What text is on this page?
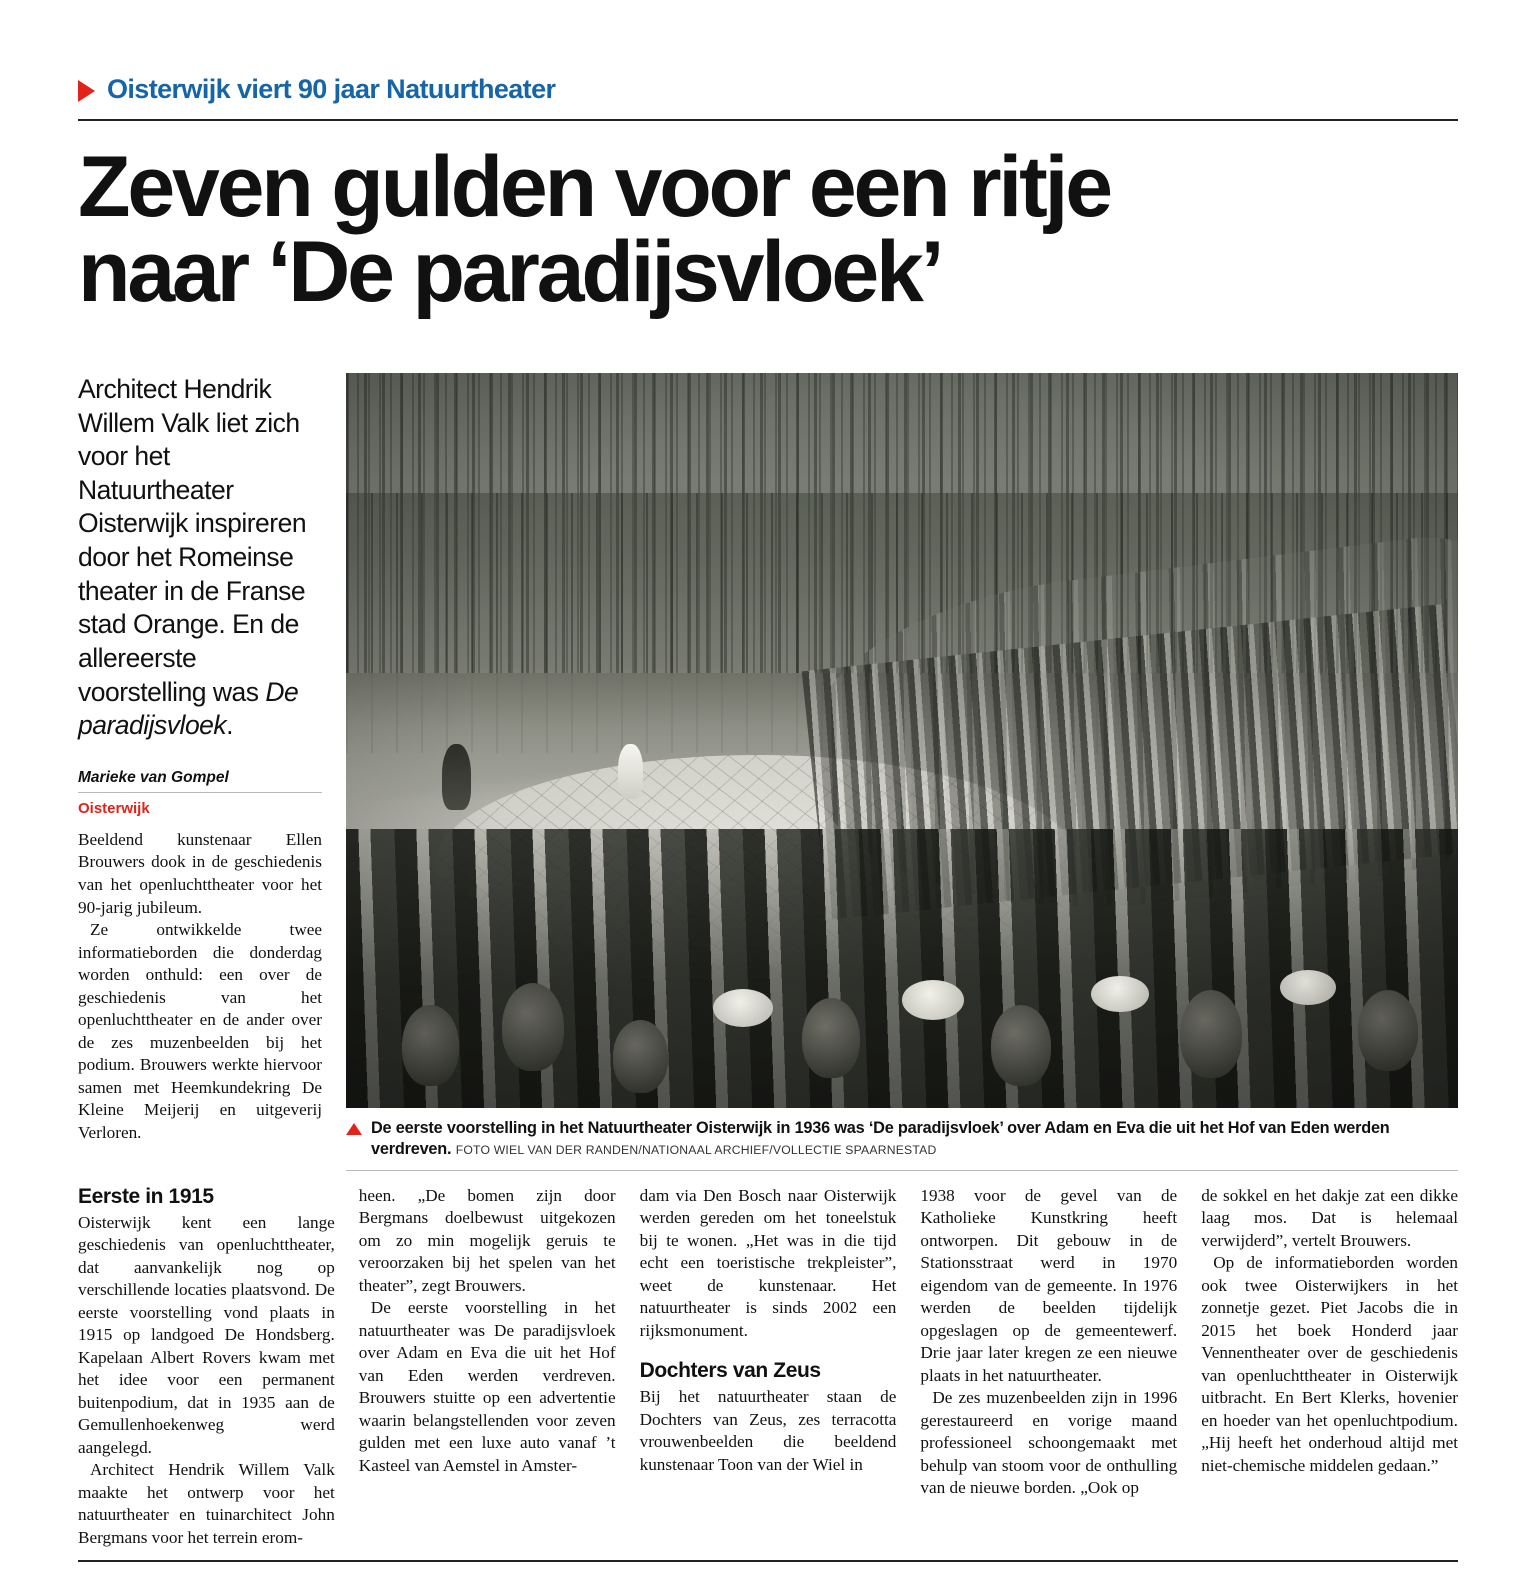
Oisterwijk viert 90 jaar Natuurtheater
Zeven gulden voor een ritje
naar ‘De paradijsvloek’
Architect Hendrik Willem Valk liet zich voor het Natuurtheater Oisterwijk inspireren door het Romeinse theater in de Franse stad Orange. En de allereerste voorstelling was De paradijsvloek.
Marieke van Gompel
Oisterwijk

Beeldend kunstenaar Ellen Brouwers dook in de geschiedenis van het openluchttheater voor het 90-jarig jubileum.

Ze ontwikkelde twee informatieborden die donderdag worden onthuld: een over de geschiedenis van het openluchttheater en de ander over de zes muzenbeelden bij het podium. Brouwers werkte hiervoor samen met Heemkundekring De Kleine Meijerij en uitgeverij Verloren.	De eerste voorstelling in het Natuurtheater Oisterwijk in 1936 was ‘De paradijsvloek’ over Adam en Eva die uit het Hof van Eden werden verdreven. FOTO WIEL VAN DER RANDEN/NATIONAAL ARCHIEF/VOLLECTIE SPAARNESTAD
Eerste in 1915

Oisterwijk kent een lange geschiedenis van openluchttheater, dat aanvankelijk nog op verschillende locaties plaatsvond. De eerste voorstelling vond plaats in 1915 op landgoed De Hondsberg. Kapelaan Albert Rovers kwam met het idee voor een permanent buitenpodium, dat in 1935 aan de Gemullenhoekenweg werd aangelegd.

Architect Hendrik Willem Valk maakte het ontwerp voor het natuurtheater en tuinarchitect John Bergmans voor het terrein erom-

heen. „De bomen zijn door Bergmans doelbewust uitgekozen om zo min mogelijk geruis te veroorzaken bij het spelen van het theater”, zegt Brouwers.

De eerste voorstelling in het natuurtheater was De paradijsvloek over Adam en Eva die uit het Hof van Eden werden verdreven. Brouwers stuitte op een advertentie waarin belangstellenden voor zeven gulden met een luxe auto vanaf ’t Kasteel van Aemstel in Amster-

dam via Den Bosch naar Oisterwijk werden gereden om het toneelstuk bij te wonen. „Het was in die tijd echt een toeristische trekpleister”, weet de kunstenaar. Het natuurtheater is sinds 2002 een rijksmonument.

Dochters van Zeus

Bij het natuurtheater staan de Dochters van Zeus, zes terracotta vrouwenbeelden die beeldend kunstenaar Toon van der Wiel in

1938 voor de gevel van de Katholieke Kunstkring heeft ontworpen. Dit gebouw in de Stationsstraat werd in 1970 eigendom van de gemeente. In 1976 werden de beelden tijdelijk opgeslagen op de gemeentewerf. Drie jaar later kregen ze een nieuwe plaats in het natuurtheater.

De zes muzenbeelden zijn in 1996 gerestaureerd en vorige maand professioneel schoongemaakt met behulp van stoom voor de onthulling van de nieuwe borden. „Ook op

de sokkel en het dakje zat een dikke laag mos. Dat is helemaal verwijderd”, vertelt Brouwers.

Op de informatieborden worden ook twee Oisterwijkers in het zonnetje gezet. Piet Jacobs die in 2015 het boek Honderd jaar Vennentheater over de geschiedenis van openluchttheater in Oisterwijk uitbracht. En Bert Klerks, hovenier en hoeder van het openluchtpodium. „Hij heeft het onderhoud altijd met niet-chemische middelen gedaan.”
